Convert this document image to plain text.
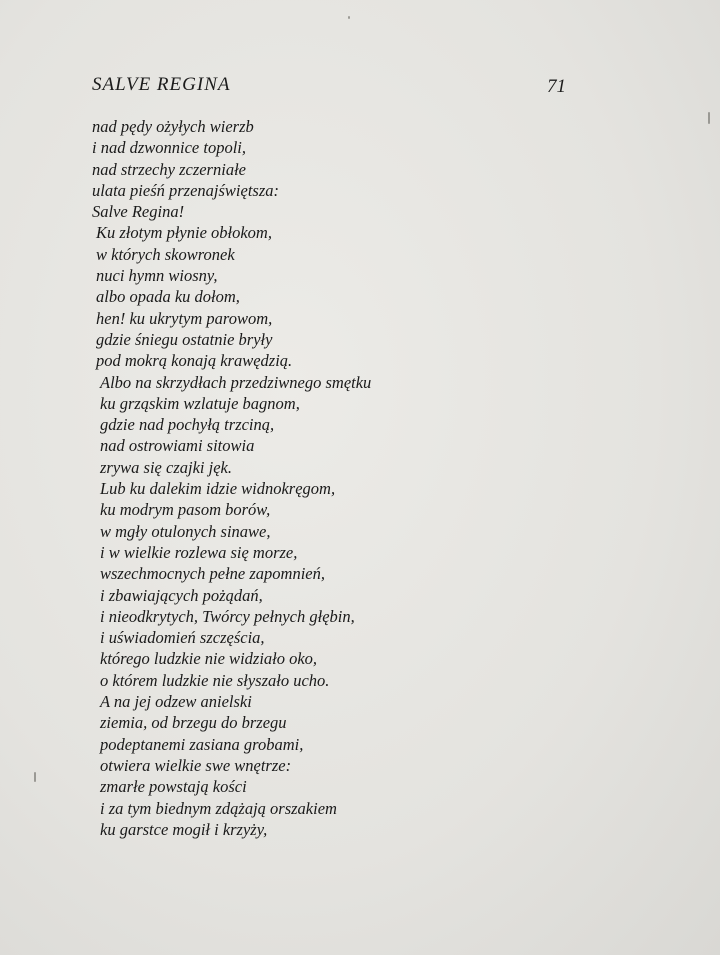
SALVE REGINA	71
nad pędy ożyłych wierzb
i nad dzwonnice topoli,
nad strzechy zczerniałe
ulata pieśń przenajświętsza:
Salve Regina!
Ku złotym płynie obłokom,
w których skowronek
nuci hymn wiosny,
albo opada ku dołom,
hen! ku ukrytym parowom,
gdzie śniegu ostatnie bryły
pod mokrą konają krawędzią.
Albo na skrzydłach przedziwnego smętku
ku grząskim wzlatuje bagnom,
gdzie nad pochyłą trzciną,
nad ostrowiami sitowia
zrywa się czajki jęk.
Lub ku dalekim idzie widnokręgom,
ku modrym pasom borów,
w mgły otulonych sinawe,
i w wielkie rozlewa się morze,
wszechmocnych pełne zapomnień,
i zbawiających pożądań,
i nieodkrytych, Twórcy pełnych głębin,
i uświadomień szczęścia,
którego ludzkie nie widziało oko,
o którem ludzkie nie słyszało ucho.
A na jej odzew anielski
ziemia, od brzegu do brzegu
podeptanemi zasiana grobami,
otwiera wielkie swe wnętrze:
zmarłe powstają kości
i za tym biednym zdążają orszakiem
ku garstce mogił i krzyży,
